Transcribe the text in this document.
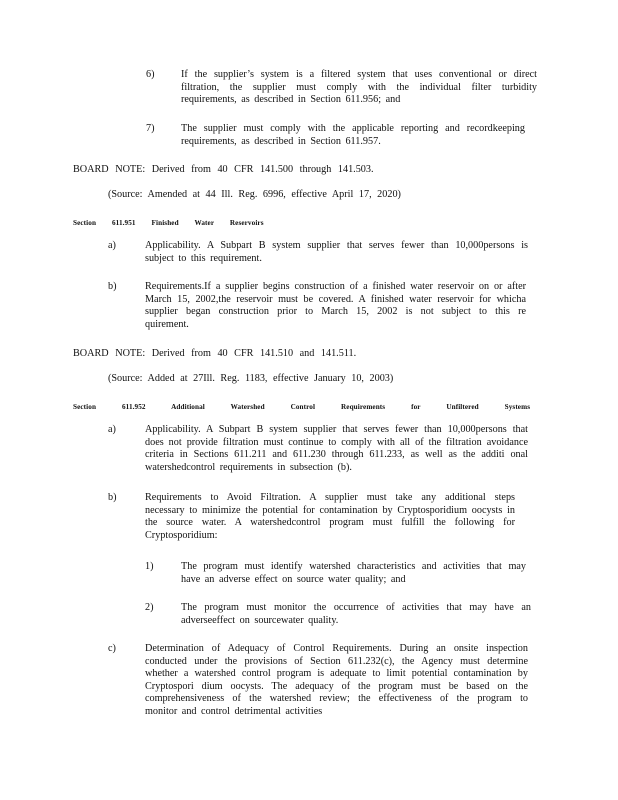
6)	If the supplier’s system is a filtered system that uses conventional or direct filtration, the supplier must comply with the individual filter turbidity requirements, as described in Section 611.956; and
7)	The supplier must comply with the applicable reporting and recordkeeping requirements, as described in Section 611.957.
BOARD NOTE: Derived from 40 CFR 141.500 through 141.503.
(Source: Amended at 44 Ill. Reg. 6996, effective April 17, 2020)
Section 611.951 Finished Water Reservoirs
a)	Applicability. A Subpart B system supplier that serves fewer than 10,000persons is subject to this requirement.
b)	Requirements.If a supplier begins construction of a finished water reservoir on or after March 15, 2002,the reservoir must be covered. A finished water reservoir for whicha supplier began construction prior to March 15, 2002 is not subject to this re quirement.
BOARD NOTE: Derived from 40 CFR 141.510 and 141.511.
(Source: Added at 27Ill. Reg. 1183, effective January 10, 2003)
Section 611.952 Additional Watershed Control Requirements for Unfiltered Systems
a)	Applicability. A Subpart B system supplier that serves fewer than 10,000persons that does not provide filtration must continue to comply with all of the filtration avoidance criteria in Sections 611.211 and 611.230 through 611.233, as well as the additi onal watershedcontrol requirements in subsection (b).
b)	Requirements to Avoid Filtration. A supplier must take any additional steps necessary to minimize the potential for contamination by Cryptosporidium oocysts in the source water. A watershedcontrol program must fulfill the following for Cryptosporidium:
1)	The program must identify watershed characteristics and activities that may have an adverse effect on source water quality; and
2)	The program must monitor the occurrence of activities that may have an adverseeffect on sourcewater quality.
c)	Determination of Adequacy of Control Requirements. During an onsite inspection conducted under the provisions of Section 611.232(c), the Agency must determine whether a watershed control program is adequate to limit potential contamination by Cryptospori dium oocysts. The adequacy of the program must be based on the comprehensiveness of the watershed review; the effectiveness of the program to monitor and control detrimental activities
